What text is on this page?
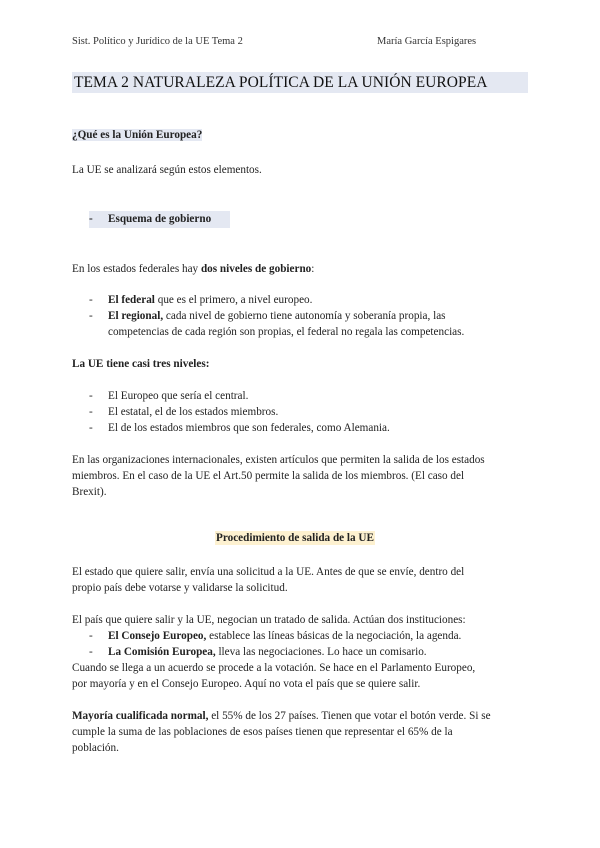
Sist. Político y Jurídico de la UE Tema 2	María García Espigares
TEMA 2 NATURALEZA POLÍTICA DE LA UNIÓN EUROPEA
¿Qué es la Unión Europea?
La UE se analizará según estos elementos.
- Esquema de gobierno
En los estados federales hay dos niveles de gobierno:
- El federal que es el primero, a nivel europeo.
- El regional, cada nivel de gobierno tiene autonomía y soberanía propia, las
competencias de cada región son propias, el federal no regala las competencias.
La UE tiene casi tres niveles:
- El Europeo que sería el central.
- El estatal, el de los estados miembros.
- El de los estados miembros que son federales, como Alemania.
En las organizaciones internacionales, existen artículos que permiten la salida de los estados
miembros. En el caso de la UE el Art.50 permite la salida de los miembros. (El caso del
Brexit).
Procedimiento de salida de la UE
El estado que quiere salir, envía una solicitud a la UE. Antes de que se envíe, dentro del
propio país debe votarse y validarse la solicitud.
El país que quiere salir y la UE, negocian un tratado de salida. Actúan dos instituciones:
- El Consejo Europeo, establece las líneas básicas de la negociación, la agenda.
- La Comisión Europea, lleva las negociaciones. Lo hace un comisario.
Cuando se llega a un acuerdo se procede a la votación. Se hace en el Parlamento Europeo,
por mayoría y en el Consejo Europeo. Aquí no vota el país que se quiere salir.
Mayoría cualificada normal, el 55% de los 27 países. Tienen que votar el botón verde. Si se
cumple la suma de las poblaciones de esos países tienen que representar el 65% de la
población.
